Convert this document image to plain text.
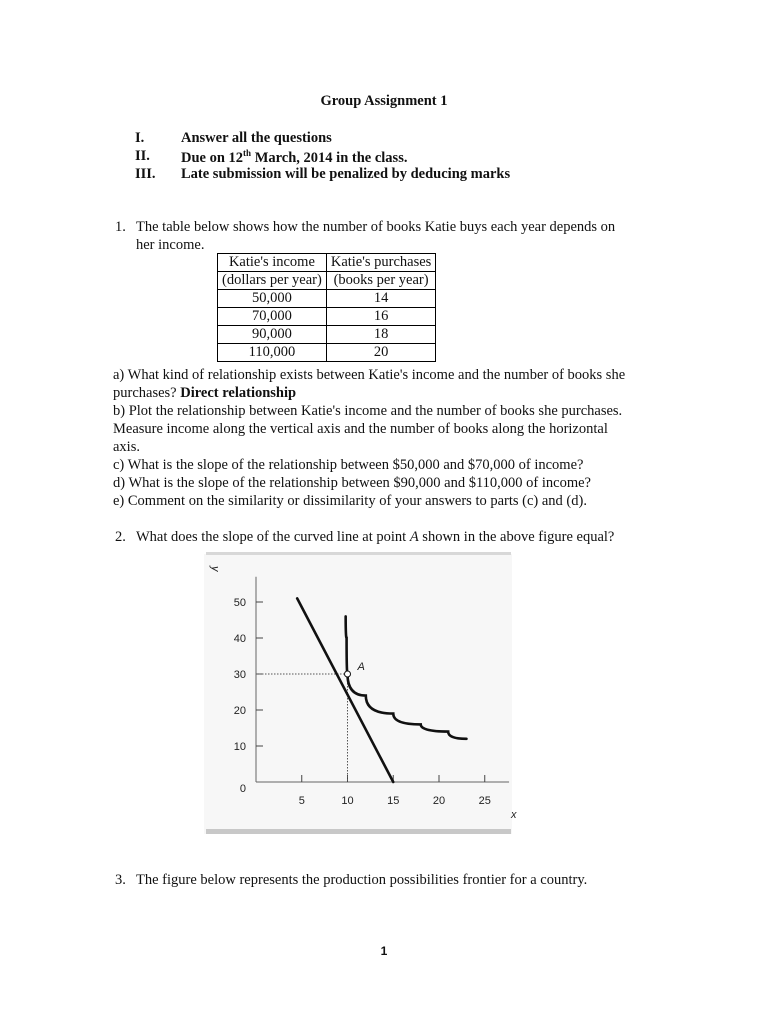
Group Assignment 1
I.	Answer all the questions
II. Due on 12th March, 2014 in the class.
III. Late submission will be penalized by deducing marks
1. The table below shows how the number of books Katie buys each year depends on
her income.
Katie's income	Katie's purchases
(dollars per year)	(books per year)
50,000	14
70,000	16
90,000	18
110,000	20
a) What kind of relationship exists between Katie's income and the number of books she
purchases? Direct relationship
b) Plot the relationship between Katie's income and the number of books she purchases.
Measure income along the vertical axis and the number of books along the horizontal
axis.
c) What is the slope of the relationship between $50,000 and $70,000 of income?
d) What is the slope of the relationship between $90,000 and $110,000 of income?
e) Comment on the similarity or dissimilarity of your answers to parts (c) and (d).
2. What does the slope of the curved line at point A shown in the above figure equal?
5	10	15	20	25
10
20
30
40
50
0
x
y
A
3. The figure below represents the production possibilities frontier for a country.
1
